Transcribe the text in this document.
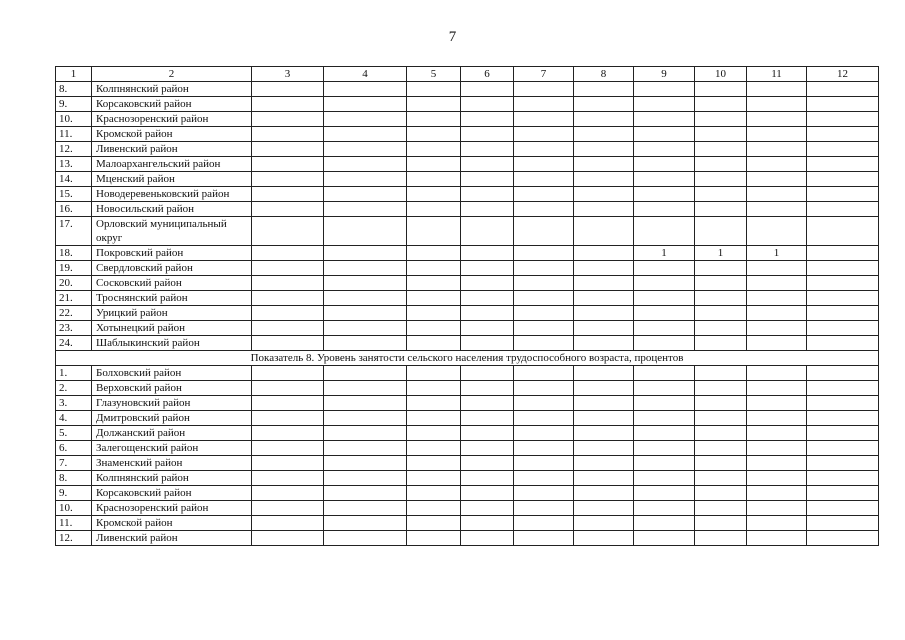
7
1	2	3	4	5	6	7	8	9	10	11	12
8.	Колпнянский район										
9.	Корсаковский район										
10.	Краснозоренский район										
11.	Кромской район										
12.	Ливенский район										
13.	Малоархангельский район										
14.	Мценский район										
15.	Новодеревеньковский район										
16.	Новосильский район										
17.	Орловский муниципальный округ										
18.	Покровский район							1	1	1	
19.	Свердловский район										
20.	Сосковский район										
21.	Троснянский район										
22.	Урицкий район										
23.	Хотынецкий район										
24.	Шаблыкинский район										
Показатель 8. Уровень занятости сельского населения трудоспособного возраста, процентов											
1.	Болховский район										
2.	Верховский район										
3.	Глазуновский район										
4.	Дмитровский район										
5.	Должанский район										
6.	Залегощенский район										
7.	Знаменский район										
8.	Колпнянский район										
9.	Корсаковский район										
10.	Краснозоренский район										
11.	Кромской район										
12.	Ливенский район										
